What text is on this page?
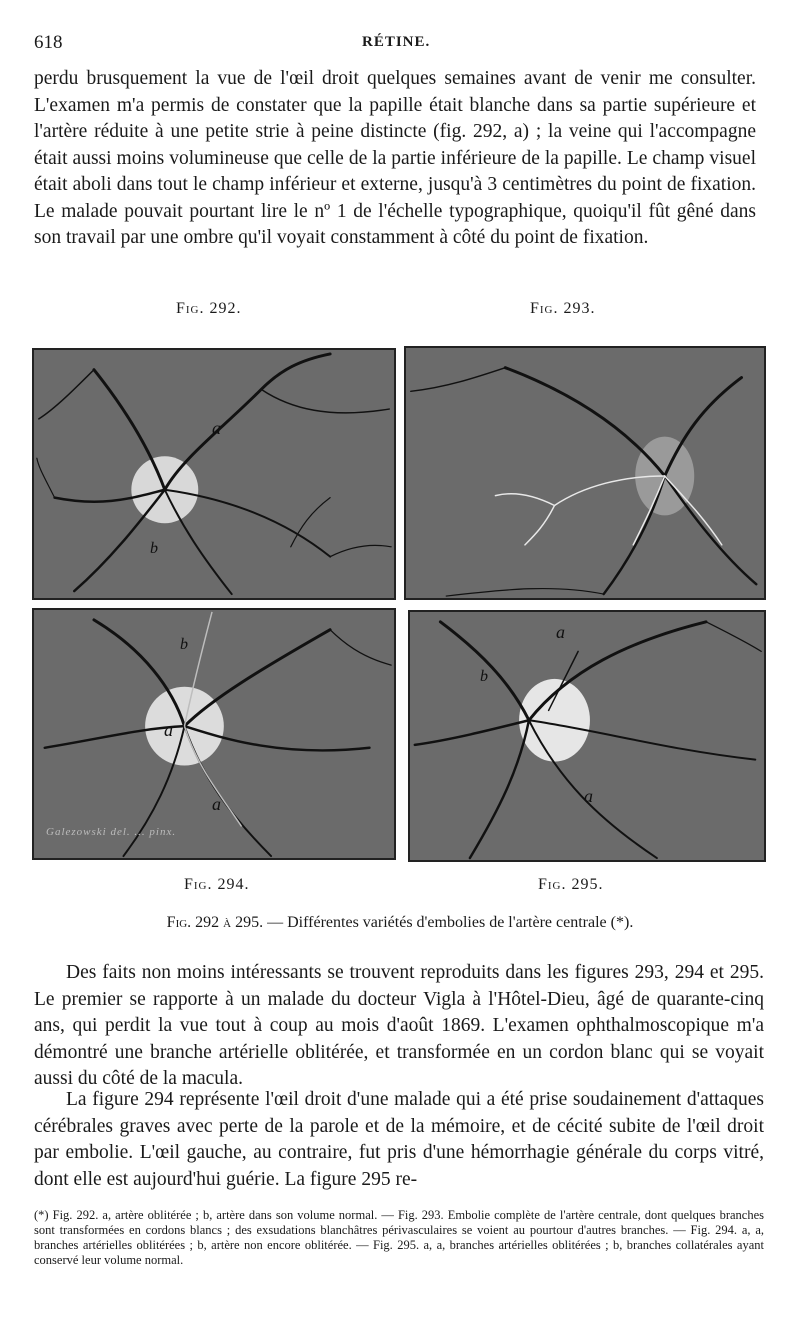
618	RÉTINE.
perdu brusquement la vue de l'œil droit quelques semaines avant de venir me consulter. L'examen m'a permis de constater que la papille était blanche dans sa partie supérieure et l'artère réduite à une petite strie à peine distincte (fig. 292, a) ; la veine qui l'accompagne était aussi moins volumineuse que celle de la partie inférieure de la papille. Le champ visuel était aboli dans tout le champ inférieur et externe, jusqu'à 3 centimètres du point de fixation. Le malade pouvait pourtant lire le nº 1 de l'échelle typographique, quoiqu'il fût gêné dans son travail par une ombre qu'il voyait constamment à côté du point de fixation.
Fig. 292.	Fig. 293.
a
b
b
a
a
Galezowski del. ... pinx.
a
b
a
Fig. 294.	Fig. 295.
Fig. 292 à 295. — Différentes variétés d'embolies de l'artère centrale (*).
Des faits non moins intéressants se trouvent reproduits dans les figures 293, 294 et 295. Le premier se rapporte à un malade du docteur Vigla à l'Hôtel-Dieu, âgé de quarante-cinq ans, qui perdit la vue tout à coup au mois d'août 1869. L'examen ophthalmoscopique m'a démontré une branche artérielle oblitérée, et transformée en un cordon blanc qui se voyait aussi du côté de la macula.
La figure 294 représente l'œil droit d'une malade qui a été prise soudainement d'attaques cérébrales graves avec perte de la parole et de la mémoire, et de cécité subite de l'œil droit par embolie. L'œil gauche, au contraire, fut pris d'une hémorrhagie générale du corps vitré, dont elle est aujourd'hui guérie. La figure 295 re-
(*) Fig. 292. a, artère oblitérée ; b, artère dans son volume normal. — Fig. 293. Embolie complète de l'artère centrale, dont quelques branches sont transformées en cordons blancs ; des exsudations blanchâtres périvasculaires se voient au pourtour d'autres branches. — Fig. 294. a, a, branches artérielles oblitérées ; b, artère non encore oblitérée. — Fig. 295. a, a, branches artérielles oblitérées ; b, branches collatérales ayant conservé leur volume normal.
